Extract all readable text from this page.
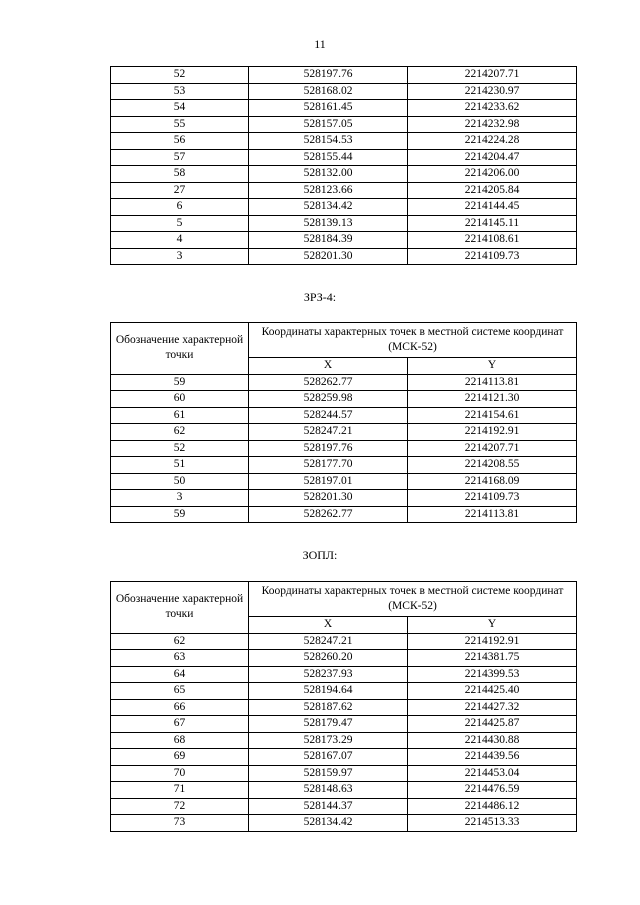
11
52	528197.76	2214207.71
53	528168.02	2214230.97
54	528161.45	2214233.62
55	528157.05	2214232.98
56	528154.53	2214224.28
57	528155.44	2214204.47
58	528132.00	2214206.00
27	528123.66	2214205.84
6	528134.42	2214144.45
5	528139.13	2214145.11
4	528184.39	2214108.61
3	528201.30	2214109.73
ЗРЗ-4:
Обозначение характерной точки	Координаты характерных точек в местной системе координат (МСК-52)	
	X	Y
59	528262.77	2214113.81
60	528259.98	2214121.30
61	528244.57	2214154.61
62	528247.21	2214192.91
52	528197.76	2214207.71
51	528177.70	2214208.55
50	528197.01	2214168.09
3	528201.30	2214109.73
59	528262.77	2214113.81
ЗОПЛ:
Обозначение характерной точки	Координаты характерных точек в местной системе координат (МСК-52)	
	X	Y
62	528247.21	2214192.91
63	528260.20	2214381.75
64	528237.93	2214399.53
65	528194.64	2214425.40
66	528187.62	2214427.32
67	528179.47	2214425.87
68	528173.29	2214430.88
69	528167.07	2214439.56
70	528159.97	2214453.04
71	528148.63	2214476.59
72	528144.37	2214486.12
73	528134.42	2214513.33
